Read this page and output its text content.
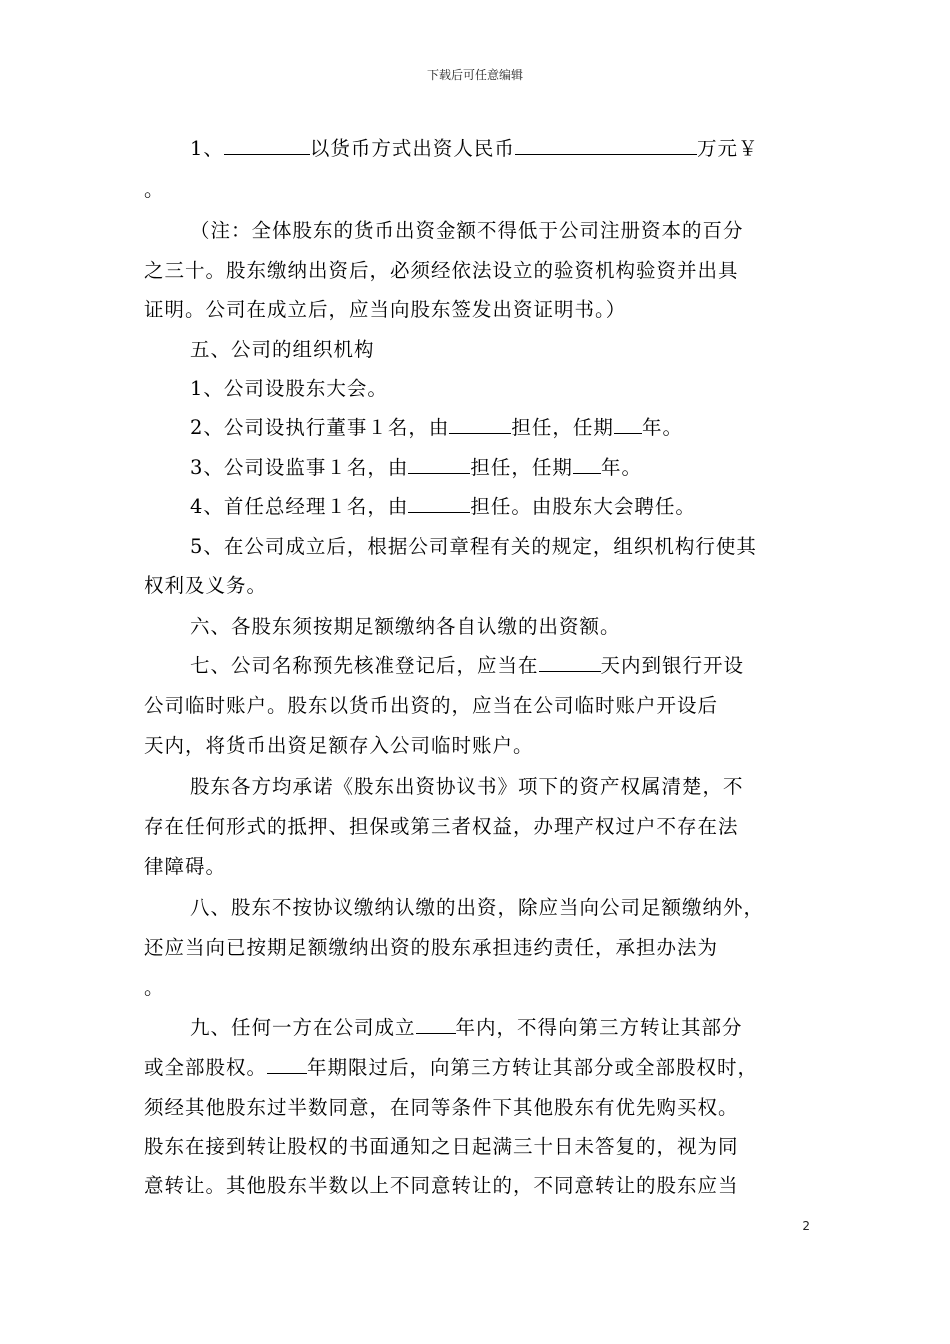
下载后可任意编辑
1、	以货币方式出资人民币	万元￥
。
（注：全体股东的货币出资金额不得低于公司注册资本的百分
之三十。股东缴纳出资后，必须经依法设立的验资机构验资并出具
证明。公司在成立后，应当向股东签发出资证明书。）
五、公司的组织机构
1、公司设股东大会。
2、公司设执行董事１名，由	担任，任期 年。
3、公司设监事１名，由	担任，任期 年。
4、首任总经理１名，由	担任。由股东大会聘任。
5、在公司成立后，根据公司章程有关的规定，组织机构行使其
权利及义务。
六、各股东须按期足额缴纳各自认缴的出资额。
七、公司名称预先核准登记后，应当在	天内到银行开设
公司临时账户。股东以货币出资的，应当在公司临时账户开设后
天内，将货币出资足额存入公司临时账户。
股东各方均承诺《股东出资协议书》项下的资产权属清楚，不
存在任何形式的抵押、担保或第三者权益，办理产权过户不存在法
律障碍。
八、股东不按协议缴纳认缴的出资，除应当向公司足额缴纳外，
还应当向已按期足额缴纳出资的股东承担违约责任，承担办法为
。
九、任何一方在公司成立 年内，不得向第三方转让其部分
或全部股权。 年期限过后，向第三方转让其部分或全部股权时，
须经其他股东过半数同意，在同等条件下其他股东有优先购买权。
股东在接到转让股权的书面通知之日起满三十日未答复的，视为同
意转让。其他股东半数以上不同意转让的，不同意转让的股东应当
2
